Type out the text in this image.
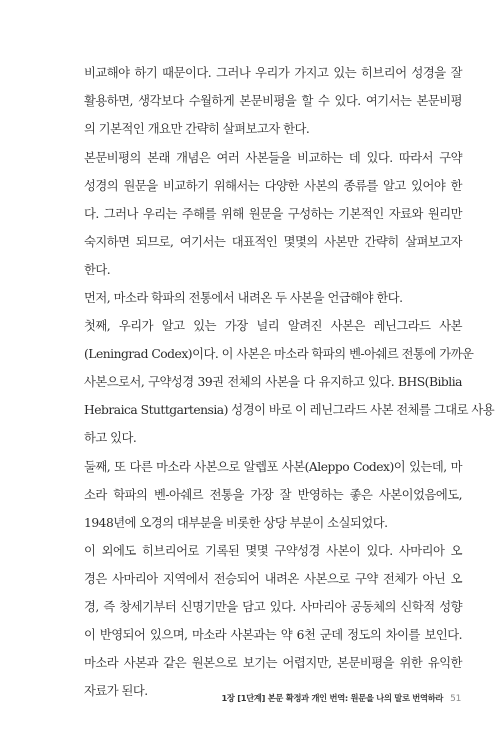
비교해야 하기 때문이다. 그러나 우리가 가지고 있는 히브리어 성경을 잘
활용하면, 생각보다 수월하게 본문비평을 할 수 있다. 여기서는 본문비평
의 기본적인 개요만 간략히 살펴보고자 한다.
본문비평의 본래 개념은 여러 사본들을 비교하는 데 있다. 따라서 구약
성경의 원문을 비교하기 위해서는 다양한 사본의 종류를 알고 있어야 한
다. 그러나 우리는 주해를 위해 원문을 구성하는 기본적인 자료와 원리만
숙지하면 되므로, 여기서는 대표적인 몇몇의 사본만 간략히 살펴보고자
한다.
먼저, 마소라 학파의 전통에서 내려온 두 사본을 언급해야 한다.
첫째, 우리가 알고 있는 가장 널리 알려진 사본은 레닌그라드 사본
(Leningrad Codex)이다. 이 사본은 마소라 학파의 벤-아쉐르 전통에 가까운
사본으로서, 구약성경 39권 전체의 사본을 다 유지하고 있다. BHS(Biblia
Hebraica Stuttgartensia) 성경이 바로 이 레닌그라드 사본 전체를 그대로 사용
하고 있다.
둘째, 또 다른 마소라 사본으로 알렙포 사본(Aleppo Codex)이 있는데, 마
소라 학파의 벤-아쉐르 전통을 가장 잘 반영하는 좋은 사본이었음에도,
1948년에 오경의 대부분을 비롯한 상당 부분이 소실되었다.
이 외에도 히브리어로 기록된 몇몇 구약성경 사본이 있다. 사마리아 오
경은 사마리아 지역에서 전승되어 내려온 사본으로 구약 전체가 아닌 오
경, 즉 창세기부터 신명기만을 담고 있다. 사마리아 공동체의 신학적 성향
이 반영되어 있으며, 마소라 사본과는 약 6천 군데 정도의 차이를 보인다.
마소라 사본과 같은 원본으로 보기는 어렵지만, 본문비평을 위한 유익한
자료가 된다.	1장 [1단계] 본문 확정과 개인 번역: 원문을 나의 말로 번역하라 51
